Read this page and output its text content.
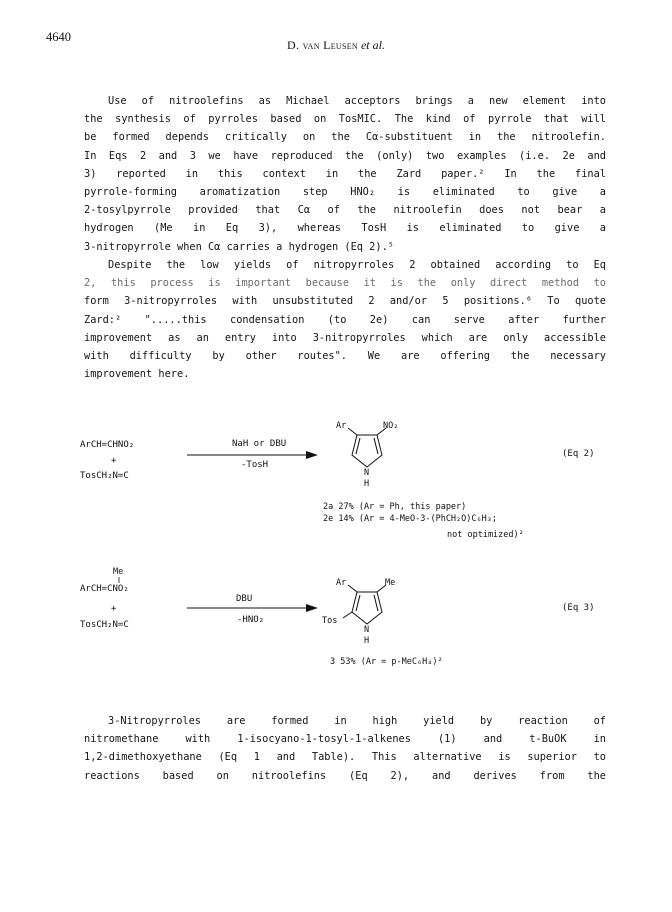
4640
D. van Leusen et al.
Use of nitroolefins as Michael acceptors brings a new element into
the synthesis of pyrroles based on TosMIC. The kind of pyrrole that will
be formed depends critically on the Cα-substituent in the nitroolefin.
In Eqs 2 and 3 we have reproduced the (only) two examples (i.e. 2e and
3) reported in this context in the Zard paper.² In the final
pyrrole-forming aromatization step HNO₂ is eliminated to give a
2-tosylpyrrole provided that Cα of the nitroolefin does not bear a
hydrogen (Me in Eq 3), whereas TosH is eliminated to give a
3-nitropyrrole when Cα carries a hydrogen (Eq 2).⁵
Despite the low yields of nitropyrroles 2 obtained according to Eq
2, this process is important because it is the only direct method to
form 3-nitropyrroles with unsubstituted 2 and/or 5 positions.⁶ To quote
Zard:² ".....this condensation (to 2e) can serve after further
improvement as an entry into 3-nitropyrroles which are only accessible
with difficulty by other routes". We are offering the necessary
improvement here.
ArCH=CHNO₂
+
TosCH₂N=C
NaH or DBU
-TosH
Ar	NO₂
N
H
(Eq 2)
2a 27% (Ar = Ph, this paper)
2e 14% (Ar = 4-MeO-3-(PhCH₂O)C₆H₃;
not optimized)²
Me
ArCH=CNO₂
+
TosCH₂N=C
DBU
-HNO₂
Ar	Me
Tos
N
H
(Eq 3)
3 53% (Ar = p-MeC₆H₄)²
3-Nitropyrroles are formed in high yield by reaction of
nitromethane with 1-isocyano-1-tosyl-1-alkenes (1) and t-BuOK in
1,2-dimethoxyethane (Eq 1 and Table). This alternative is superior to
reactions based on nitroolefins (Eq 2), and derives from the
